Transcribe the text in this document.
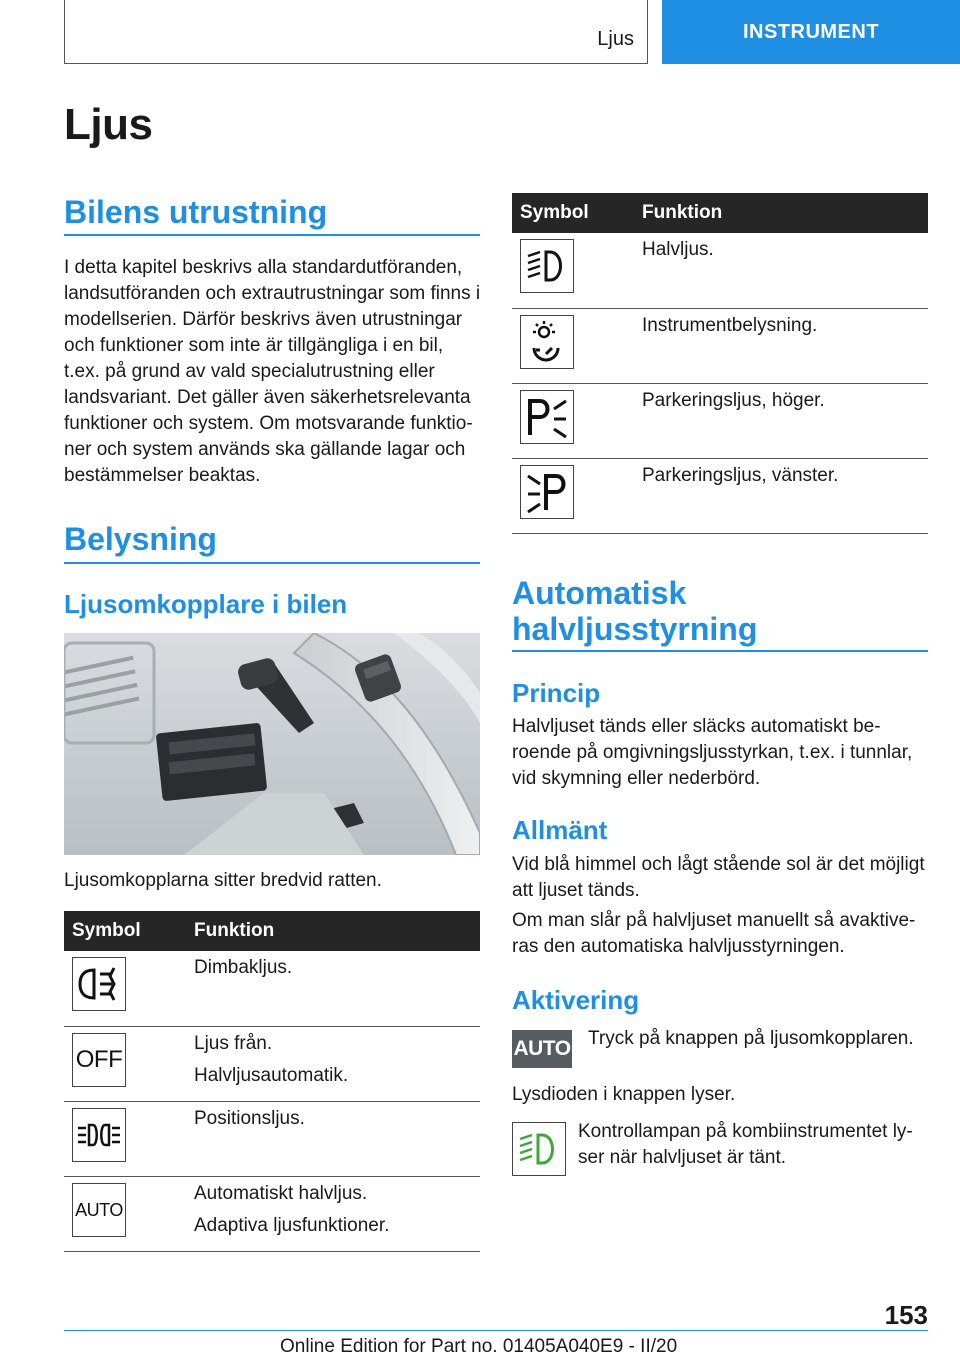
Ljus	INSTRUMENT
Ljus
Bilens utrustning

I detta kapitel beskrivs alla standardutföranden, landsutföranden och extrautrustningar som finns i modellserien. Därför beskrivs även utrustningar och funktioner som inte är tillgängliga i en bil, t.ex. på grund av vald specialutrustning eller landsvariant. Det gäller även säkerhetsrelevanta funktioner och system. Om motsvarande funktio-ner och system används ska gällande lagar och bestämmelser beaktas.

Belysning
Ljusomkopplare i bilen

Ljusomkopplarna sitter bredvid ratten.

Symbol	Funktion

	Dimbakljus.

OFF	Ljus från.
Halvljusautomatik.

	Positionsljus.

AUTO	Automatiskt halvljus.
Adaptiva ljusfunktioner.
Symbol	Funktion

	Halvljus.

	Instrumentbelysning.

	Parkeringsljus, höger.

	Parkeringsljus, vänster.
Automatisk
halvljusstyrning
Princip

Halvljuset tänds eller släcks automatiskt be-roende på omgivningsljusstyrkan, t.ex. i tunnlar, vid skymning eller nederbörd.

Allmänt

Vid blå himmel och lågt stående sol är det möjligt att ljuset tänds.

Om man slår på halvljuset manuellt så avaktive-ras den automatiska halvljusstyrningen.

Aktivering
AUTO Tryck på knappen på ljusomkopplaren.

Lysdioden i knappen lyser.

Kontrollampan på kombiinstrumentet ly-ser när halvljuset är tänt.

153
Online Edition for Part no. 01405A040E9 - II/20
